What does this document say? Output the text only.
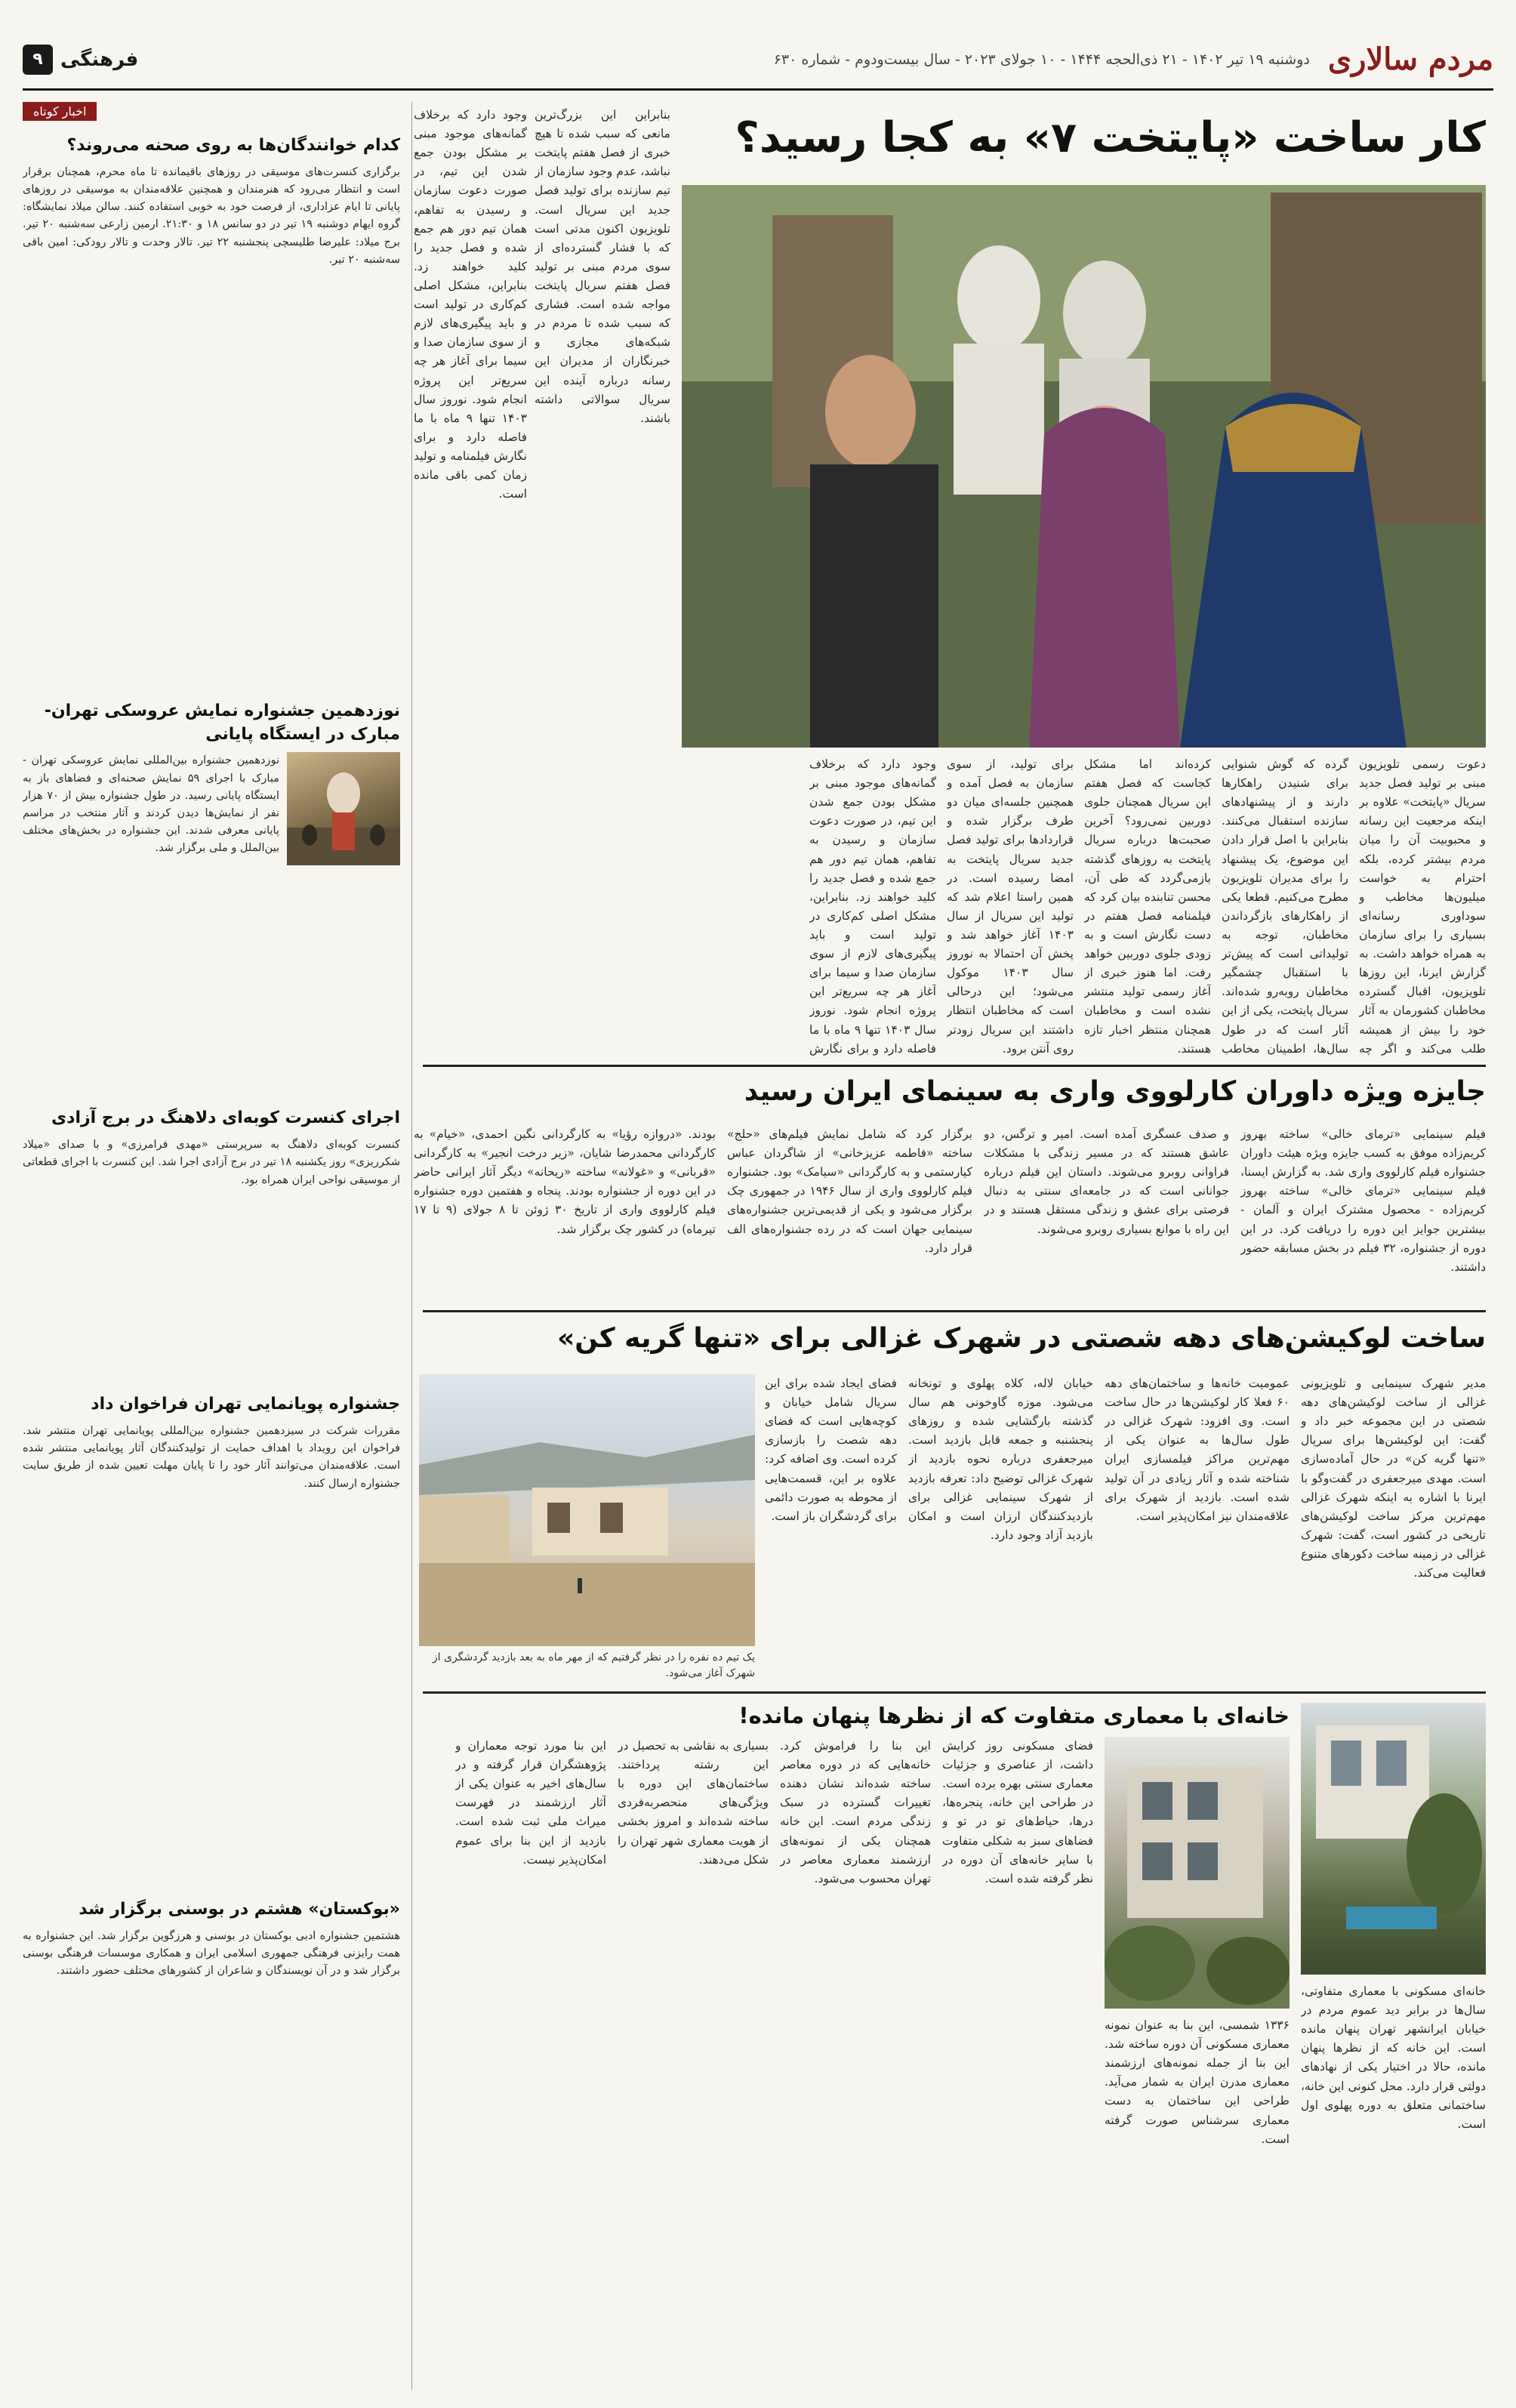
مردم سالاری
دوشنبه ۱۹ تیر ۱۴۰۲ - ۲۱ ذی‌الحجه ۱۴۴۴ - ۱۰ جولای ۲۰۲۳ - سال بیست‌ودوم - شماره ۶۳۰
فرهنگی
۹
کار ساخت «پایتخت ۷» به کجا رسید؟
دعوت رسمی تلویزیون مبنی بر تولید فصل جدید سریال «پایتخت» علاوه بر اینکه مرجعیت این رسانه و محبوبیت آن را میان مردم بیشتر کرده، بلکه احترام به خواست میلیون‌ها مخاطب و سوداوری رسانه‌ای بسیاری را برای سازمان به همراه خواهد داشت. به گزارش ایرنا، این روزها تلویزیون، اقبال گسترده مخاطبان کشورمان به آثار خود را بیش از همیشه طلب می‌کند و اگر چه
گرده که گوش شنوایی برای شنیدن راهکارها دارند و از پیشنهادهای سازنده استقبال می‌کنند. بنابراین با اصل قرار دادن این موضوع، یک پیشنهاد را برای مدیران تلویزیون مطرح می‌کنیم. قطعا یکی از راهکارهای بازگرداندن مخاطبان، توجه به تولیداتی است که پیش‌تر با استقبال چشمگیر مخاطبان روبه‌رو شده‌اند. سریال پایتخت، یکی از این آثار است که در طول سال‌ها، اطمینان مخاطب
کرده‌اند اما مشکل کجاست که فصل هفتم این سریال همچنان جلوی دوربین نمی‌رود؟ آخرین صحبت‌ها درباره سریال پایتخت به روزهای گذشته بازمی‌گردد که طی آن، محسن تنابنده بیان کرد که فیلمنامه فصل هفتم در دست نگارش است و به زودی جلوی دوربین خواهد رفت. اما هنوز خبری از آغاز رسمی تولید منتشر نشده است و مخاطبان همچنان منتظر اخبار تازه هستند.
برای تولید، از سوی سازمان به فصل آمده و همچنین جلسه‌ای میان دو طرف برگزار شده و قراردادها برای تولید فصل جدید سریال پایتخت به امضا رسیده است. در همین راستا اعلام شد که تولید این سریال از سال ۱۴۰۳ آغاز خواهد شد و پخش آن احتمالا به نوروز سال ۱۴۰۳ موکول می‌شود؛ این درحالی است که مخاطبان انتظار داشتند این سریال زودتر روی آنتن برود.
بنابراین این بزرگ‌ترین مانعی که سبب شده تا هیچ خبری از فصل هفتم پایتخت نباشد، عدم وجود سازمان از تیم سازنده برای تولید فصل جدید این سریال است. تلویزیون اکنون مدتی است که با فشار گسترده‌ای از سوی مردم مبنی بر تولید فصل هفتم سریال پایتخت مواجه شده است. فشاری که سبب شده تا مردم در شبکه‌های مجازی و خبرنگاران از مدیران این رسانه درباره آینده این سریال سوالاتی داشته باشند.
وجود دارد که برخلاف گمانه‌های موجود مبنی بر مشکل بودن جمع شدن این تیم، در صورت دعوت سازمان و رسیدن به تفاهم، همان تیم دور هم جمع شده و فصل جدید را کلید خواهند زد. بنابراین، مشکل اصلی کم‌کاری در تولید است و باید پیگیری‌های لازم از سوی سازمان صدا و سیما برای آغاز هر چه سریع‌تر این پروژه انجام شود. نوروز سال ۱۴۰۳ تنها ۹ ماه با ما فاصله دارد و برای نگارش
وجود دارد که برخلاف گمانه‌های موجود مبنی بر مشکل بودن جمع شدن این تیم، در صورت دعوت سازمان و رسیدن به تفاهم، همان تیم دور هم جمع شده و فصل جدید را کلید خواهند زد. بنابراین، مشکل اصلی کم‌کاری در تولید است و باید پیگیری‌های لازم از سوی سازمان صدا و سیما برای آغاز هر چه سریع‌تر این پروژه انجام شود. نوروز سال ۱۴۰۳ تنها ۹ ماه با ما فاصله دارد و برای نگارش فیلمنامه و تولید زمان کمی باقی مانده است.
جایزه ویژه داوران کارلووی واری به سینمای ایران رسید
فیلم سینمایی «ترمای خالی» ساخته بهروز کریم‌زاده موفق به کسب جایزه ویژه هیئت داوران جشنواره فیلم کارلووی واری شد. به گزارش ایسنا، فیلم سینمایی «ترمای خالی» ساخته بهروز کریم‌زاده - محصول مشترک ایران و آلمان - بیشترین جوایز این دوره را دریافت کرد. در این دوره از جشنواره، ۳۲ فیلم در بخش مسابقه حضور داشتند.
و صدف عسگری آمده است. امیر و ترگس، دو عاشق هستند که در مسیر زندگی با مشکلات فراوانی روبرو می‌شوند. داستان این فیلم درباره جوانانی است که در جامعه‌ای سنتی به دنبال فرصتی برای عشق و زندگی مستقل هستند و در این راه با موانع بسیاری روبرو می‌شوند.
برگزار کرد که شامل نمایش فیلم‌های «حلج» ساخته «فاطمه عزیزخانی» از شاگردان عباس کیارستمی و به کارگردانی «سیامک» بود. جشنواره فیلم کارلووی واری از سال ۱۹۴۶ در جمهوری چک برگزار می‌شود و یکی از قدیمی‌ترین جشنواره‌های سینمایی جهان است که در رده جشنواره‌های الف قرار دارد.
بودند. «دروازه رؤیا» به کارگردانی نگین احمدی، «خیام» به کارگردانی محمدرضا شایان، «زیر درخت انجیر» به کارگردانی «قربانی» و «غولانه» ساخته «ریحانه» دیگر آثار ایرانی حاضر در این دوره از جشنواره بودند. پنجاه و هفتمین دوره جشنواره فیلم کارلووی واری از تاریخ ۳۰ ژوئن تا ۸ جولای (۹ تا ۱۷ تیرماه) در کشور چک برگزار شد.
ساخت لوکیشن‌های دهه شصتی در شهرک غزالی برای «تنها گریه کن»
مدیر شهرک سینمایی و تلویزیونی غزالی از ساخت لوکیشن‌های دهه شصتی در این مجموعه خبر داد و گفت: این لوکیشن‌ها برای سریال «تنها گریه کن» در حال آماده‌سازی است. مهدی میرجعفری در گفت‌وگو با ایرنا با اشاره به اینکه شهرک غزالی مهم‌ترین مرکز ساخت لوکیشن‌های تاریخی در کشور است، گفت: شهرک غزالی در زمینه ساخت دکورهای متنوع فعالیت می‌کند.
عمومیت خانه‌ها و ساختمان‌های دهه ۶۰ فعلا کار لوکیشن‌ها در حال ساخت است. وی افزود: شهرک غزالی در طول سال‌ها به عنوان یکی از مهم‌ترین مراکز فیلمسازی ایران شناخته شده و آثار زیادی در آن تولید شده است. بازدید از شهرک برای علاقه‌مندان نیز امکان‌پذیر است.
خیابان لاله، کلاه پهلوی و تونخانه می‌شود. موزه گاوخونی هم سال گذشته بارگشایی شده و روزهای پنجشنبه و جمعه قابل بازدید است. میرجعفری درباره نحوه بازدید از شهرک غزالی توضیح داد: تعرفه بازدید از شهرک سینمایی غزالی برای بازدیدکنندگان ارزان است و امکان بازدید آزاد وجود دارد.
فضای ایجاد شده برای این سریال شامل خیابان و کوچه‌هایی است که فضای دهه شصت را بازسازی کرده است. وی اضافه کرد: علاوه بر این، قسمت‌هایی از محوطه به صورت دائمی برای گردشگران باز است.
یک تیم ده نفره را در نظر گرفتیم که از مهر ماه به بعد بازدید گردشگری از شهرک آغاز می‌شود.
خانه‌ای با معماری متفاوت که از نظرها پنهان مانده!
خانه‌ای مسکونی با معماری متفاوتی، سال‌ها در برابر دید عموم مردم در خیابان ایرانشهر تهران پنهان مانده است. این خانه که از نظرها پنهان مانده، حالا در اختیار یکی از نهادهای دولتی قرار دارد. محل کنونی این خانه، ساختمانی متعلق به دوره پهلوی اول است.
۱۳۳۶ شمسی، این بنا به عنوان نمونه معماری مسکونی آن دوره ساخته شد. این بنا از جمله نمونه‌های ارزشمند معماری مدرن ایران به شمار می‌آید. طراحی این ساختمان به دست معماری سرشناس صورت گرفته است.
فضای مسکونی روز کرایش داشت، از عناصری و جزئیات معماری سنتی بهره برده است. در طراحی این خانه، پنجره‌ها، درها، حیاط‌های تو در تو و فضاهای سبز به شکلی متفاوت با سایر خانه‌های آن دوره در نظر گرفته شده است.
این بنا را فراموش کرد. خانه‌هایی که در دوره معاصر ساخته شده‌اند نشان دهنده تغییرات گسترده در سبک زندگی مردم است. این خانه همچنان یکی از نمونه‌های ارزشمند معماری معاصر در تهران محسوب می‌شود.
بسیاری به نقاشی به تحصیل در این رشته پرداختند. ساختمان‌های این دوره با ویژگی‌های منحصربه‌فردی ساخته شده‌اند و امروز بخشی از هویت معماری شهر تهران را شکل می‌دهند.
این بنا مورد توجه معماران و پژوهشگران قرار گرفته و در سال‌های اخیر به عنوان یکی از آثار ارزشمند در فهرست میراث ملی ثبت شده است. بازدید از این بنا برای عموم امکان‌پذیر نیست.
اخبار کوتاه
کدام خوانندگان‌ها به روی صحنه می‌روند؟
برگزاری کنسرت‌های موسیقی در روزهای باقیمانده تا ماه محرم، همچنان برقرار است و انتظار می‌رود که هنرمندان و همچنین علاقه‌مندان به موسیقی در روزهای پایانی تا ایام عزاداری، از فرصت خود به خوبی استفاده کنند. سالن میلاد نمایشگاه: گروه ایهام دوشنبه ۱۹ تیر در دو سانس ۱۸ و ۲۱:۳۰. ارمین زارعی سه‌شنبه ۲۰ تیر. برج میلاد: علیرضا طلیسچی پنجشنبه ۲۲ تیر. تالار وحدت و تالار رودکی: امین باقی سه‌شنبه ۲۰ تیر.
نوزدهمین جشنواره نمایش عروسکی تهران-مبارک در ایستگاه پایانی
نوزدهمین جشنواره بین‌المللی نمایش عروسکی تهران - مبارک با اجرای ۵۹ نمایش صحنه‌ای و فضاهای باز به ایستگاه پایانی رسید. در طول جشنواره بیش از ۷۰ هزار نفر از نمایش‌ها دیدن کردند و آثار منتخب در مراسم پایانی معرفی شدند. این جشنواره در بخش‌های مختلف بین‌الملل و ملی برگزار شد.
اجرای کنسرت کوبه‌ای دلاهنگ در برج آزادی
کنسرت کوبه‌ای دلاهنگ به سرپرستی «مهدی فرامرزی» و با صدای «میلاد شکرریزی» روز یکشنبه ۱۸ تیر در برج آزادی اجرا شد. این کنسرت با اجرای قطعاتی از موسیقی نواحی ایران همراه بود.
جشنواره پویانمایی تهران فراخوان داد
مقررات شرکت در سیزدهمین جشنواره بین‌المللی پویانمایی تهران منتشر شد. فراخوان این رویداد با اهداف حمایت از تولیدکنندگان آثار پویانمایی منتشر شده است. علاقه‌مندان می‌توانند آثار خود را تا پایان مهلت تعیین شده از طریق سایت جشنواره ارسال کنند.
«بوکستان» هشتم در بوسنی برگزار شد
هشتمین جشنواره ادبی بوکستان در بوسنی و هرزگوین برگزار شد. این جشنواره به همت رایزنی فرهنگی جمهوری اسلامی ایران و همکاری موسسات فرهنگی بوسنی برگزار شد و در آن نویسندگان و شاعران از کشورهای مختلف حضور داشتند.
